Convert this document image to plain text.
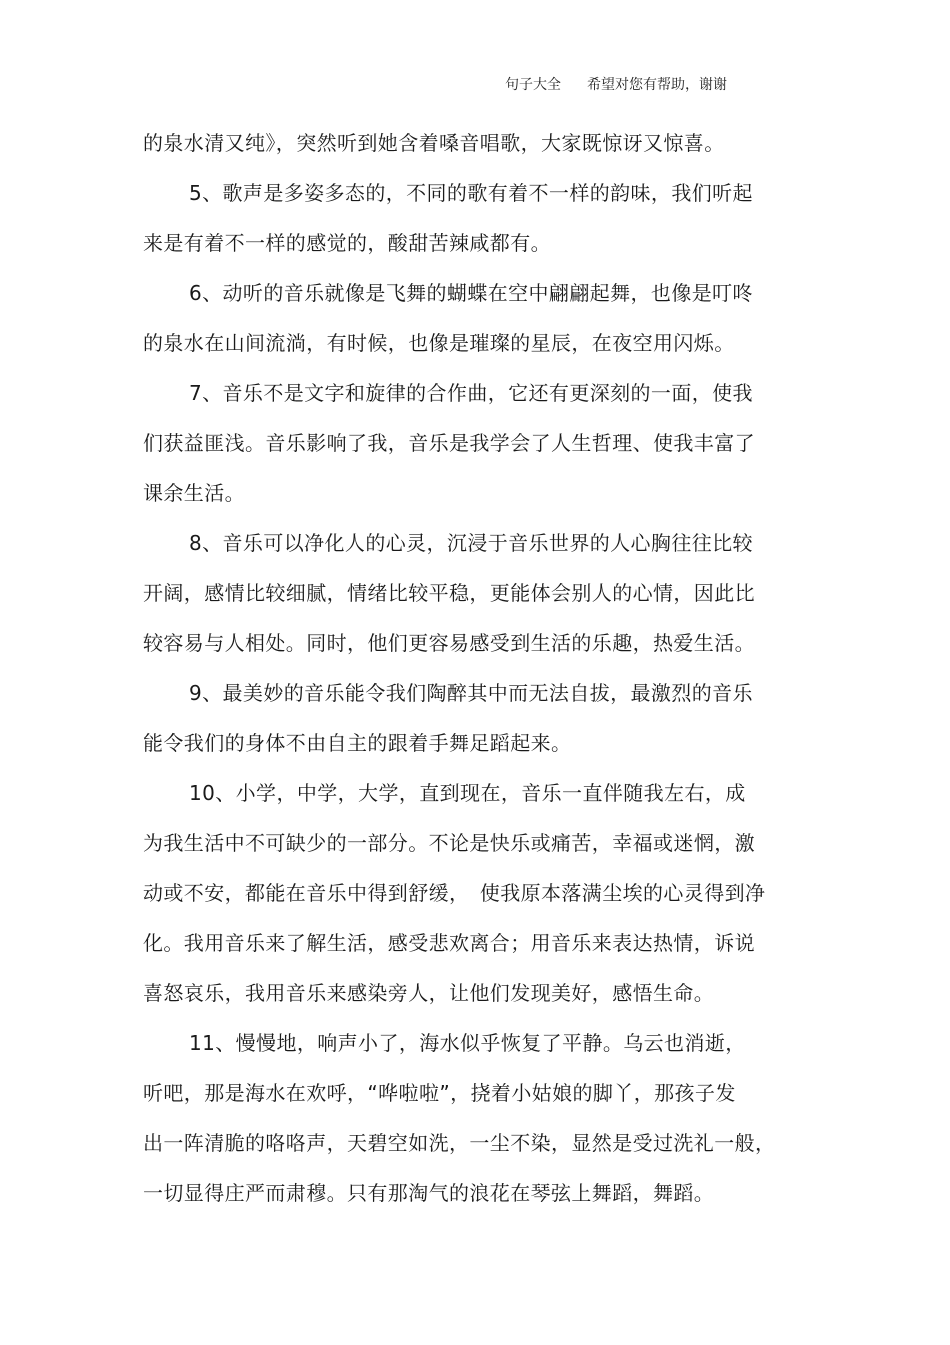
句子大全 希望对您有帮助，谢谢
的泉水清又纯》，突然听到她含着嗓音唱歌，大家既惊讶又惊喜。
5、歌声是多姿多态的，不同的歌有着不一样的韵味，我们听起
来是有着不一样的感觉的，酸甜苦辣咸都有。
6、动听的音乐就像是飞舞的蝴蝶在空中翩翩起舞，也像是叮咚
的泉水在山间流淌，有时候，也像是璀璨的星辰，在夜空用闪烁。
7、音乐不是文字和旋律的合作曲，它还有更深刻的一面，使我
们获益匪浅。音乐影响了我，音乐是我学会了人生哲理、使我丰富了
课余生活。
8、音乐可以净化人的心灵，沉浸于音乐世界的人心胸往往比较
开阔，感情比较细腻，情绪比较平稳，更能体会别人的心情，因此比
较容易与人相处。同时，他们更容易感受到生活的乐趣，热爱生活。
9、最美妙的音乐能令我们陶醉其中而无法自拔，最激烈的音乐
能令我们的身体不由自主的跟着手舞足蹈起来。
10、小学，中学，大学，直到现在，音乐一直伴随我左右，成
为我生活中不可缺少的一部分。不论是快乐或痛苦，幸福或迷惘，激
动或不安，都能在音乐中得到舒缓，　使我原本落满尘埃的心灵得到净
化。我用音乐来了解生活，感受悲欢离合；用音乐来表达热情，诉说
喜怒哀乐，我用音乐来感染旁人，让他们发现美好，感悟生命。
11、慢慢地，响声小了，海水似乎恢复了平静。乌云也消逝，
听吧，那是海水在欢呼，“哗啦啦”，挠着小姑娘的脚丫，那孩子发
出一阵清脆的咯咯声，天碧空如洗，一尘不染，显然是受过洗礼一般，
一切显得庄严而肃穆。只有那淘气的浪花在琴弦上舞蹈，舞蹈。
